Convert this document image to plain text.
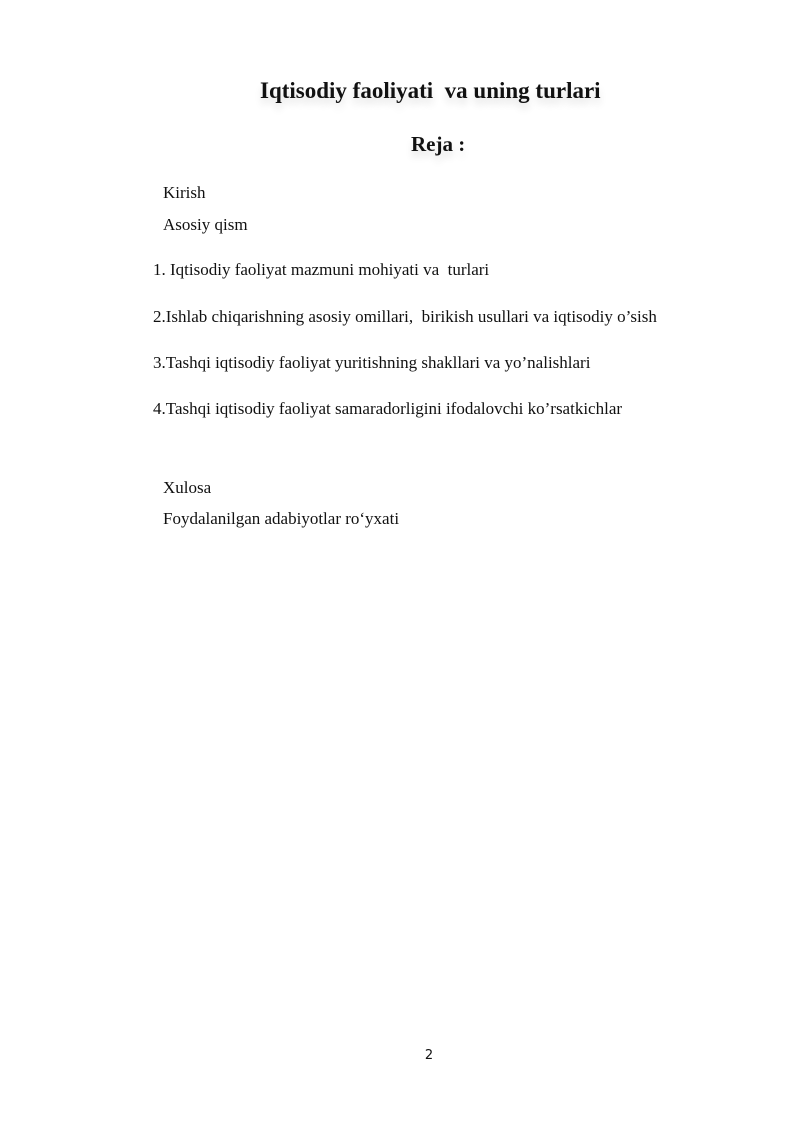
Iqtisodiy faoliyati  va uning turlari

Reja :
Kirish
Asosiy qism
1. Iqtisodiy faoliyat mazmuni mohiyati va  turlari
2.Ishlab chiqarishning asosiy omillari,  birikish usullari va iqtisodiy o’sish
3.Tashqi iqtisodiy faoliyat yuritishning shakllari va yo’nalishlari
4.Tashqi iqtisodiy faoliyat samaradorligini ifodalovchi ko’rsatkichlar
Xulosa
Foydalanilgan adabiyotlar ro‘yxati
2
